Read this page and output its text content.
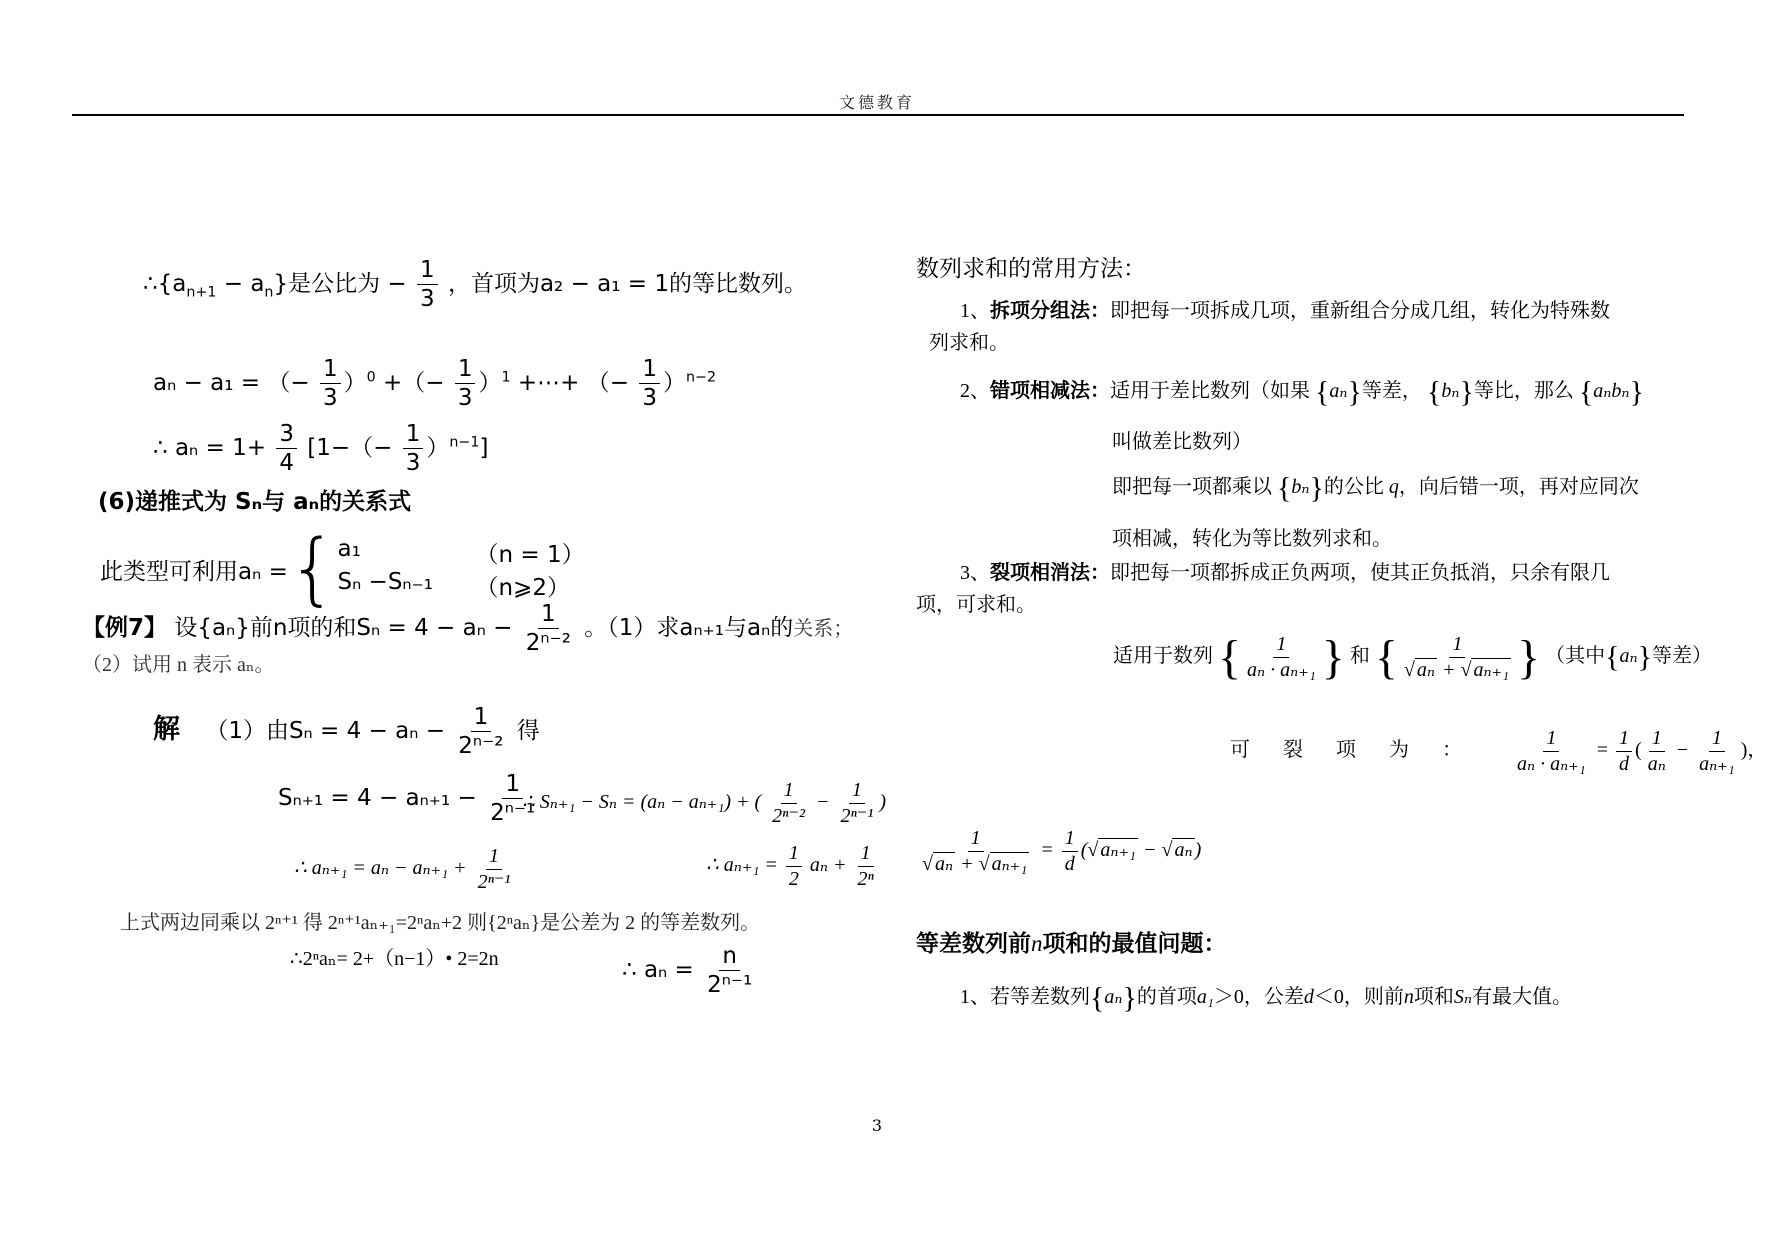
文德教育
$\therefore\{a_{n+1} - a_n\}$是公比为 − $\frac{1}{3}$ ，首项为a₂ − a₁ = 1的等比数列。
aₙ − a₁ = （− $\frac{1}{3} )^0$ +（− $\frac{1}{3} )^1$ +⋯+ （− $\frac{1}{3} )^{n-2}$
∴ $a_n = 1+ \frac{3}{4} [1-(- \frac{1}{3} )^{n-1}]$
(6)递推式为 Sₙ与 aₙ的关系式
此类型可利用aₙ = { a₁	（n = 1）
Sₙ −Sₙ₋₁ （n⩾2）
【例7】 设{aₙ}前n项的和$S_n = 4 - a_n - \frac{1}{\text{2ⁿ⁻²}}$ 。（1）求aₙ₊₁与aₙ的关系；
（2）试用 n 表示 aₙ。
解 （1）由$S_n = 4 - a_n - \frac{1}{\text{2ⁿ⁻²}}$ 得
$S_{n+1} = 4 - a_{n+1} - \frac{1}{\text{2ⁿ⁻¹}}$
∴ Sₙ₊₁ − Sₙ = (aₙ − aₙ₊₁) + ( $\frac{1}{\text{2ⁿ⁻²}} - \frac{1}{\text{2ⁿ⁻¹}}$ )
∴ $a_{n+1} = a_n - a_{n+1} + \frac{1}{\text{2ⁿ⁻¹}}$	∴ $a_{n+1} = \frac{1}{2}$ $a_n + \frac{1}{\text{2ⁿ}}$
上式两边同乘以 2ⁿ⁺¹ 得 2ⁿ⁺¹aₙ₊₁=2ⁿaₙ+2 则{2ⁿaₙ}是公差为 2 的等差数列。
∴2ⁿaₙ= 2+（n−1）• 2=2n	∴ $a_n = \frac{n}{\text{2ⁿ⁻¹}}$
数列求和的常用方法：
1、拆项分组法：即把每一项拆成几项，重新组合分成几组，转化为特殊数
列求和。
2、错项相减法：适用于差比数列（如果 {aₙ}等差， {bₙ}等比，那么 {aₙbₙ}
叫做差比数列）
即把每一项都乘以 {bₙ}的公比 q，向后错一项，再对应同次
项相减，转化为等比数列求和。
3、裂项相消法：即把每一项都拆成正负两项，使其正负抵消，只余有限几
项，可求和。
适用于数列 { $\frac{1}{\text{aₙ · aₙ₊₁}}$ } 和 { $\frac{1}{\text{√ aₙ + √ aₙ₊₁}}$ } （其中{aₙ}等差）
可 裂 项 为 ： $\frac{1}{\text{aₙ · aₙ₊₁}} = \frac{1}{d}$ ( $\frac{1}{\text{aₙ}} - \frac{1}{\text{aₙ₊₁}}$ )，
$\frac{1}{\text{√ aₙ + √ aₙ₊₁}} = \frac{1}{d}$ (√ aₙ₊₁ − √ aₙ )
等差数列前n项和的最值问题：
1、若等差数列{aₙ}的首项a₁＞0，公差d＜0，则前n项和Sₙ有最大值。
3
